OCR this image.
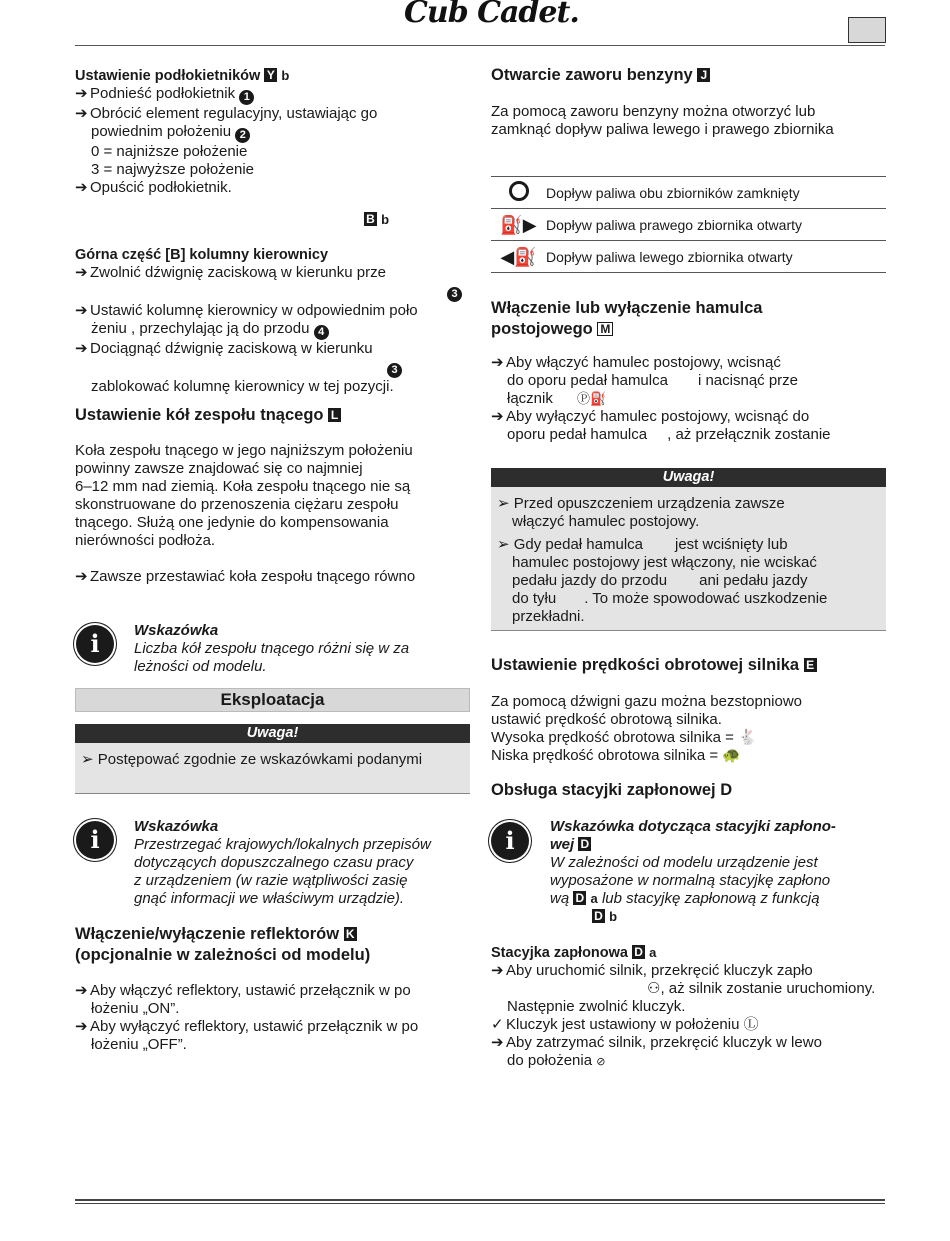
Cub Cadet.
Ustawienie podłokietników Y b
➔ Podnieść podłokietnik 1
➔ Obrócić element regulacyjny, ustawiając go
powiednim położeniu 2
0 = najniższe położenie
3 = najwyższe położenie
➔ Opuścić podłokietnik.
B b
Górna część [B] kolumny kierownicy
➔ Zwolnić dźwignię zaciskową w kierunku prze
3
➔ Ustawić kolumnę kierownicy w odpowiednim poło
żeniu , przechylając ją do przodu 4
➔ Dociągnąć dźwignię zaciskową w kierunku
3
zablokować kolumnę kierownicy w tej pozycji.
Ustawienie kół zespołu tnącego L
Koła zespołu tnącego w jego najniższym położeniu
powinny zawsze znajdować się co najmniej
6–12 mm nad ziemią. Koła zespołu tnącego nie są
skonstruowane do przenoszenia ciężaru zespołu
tnącego. Służą one jedynie do kompensowania
nierówności podłoża.
➔ Zawsze przestawiać koła zespołu tnącego równo
i	Wskazówka
Liczba kół zespołu tnącego różni się w za
leżności od modelu.
Eksploatacja
Uwaga!
➢ Postępować zgodnie ze wskazówkami podanymi
i	Wskazówka
Przestrzegać krajowych/lokalnych przepisów
dotyczących dopuszczalnego czasu pracy
z urządzeniem (w razie wątpliwości zasię
gnąć informacji we właściwym urządzie).
Włączenie/wyłączenie reflektorów K
(opcjonalnie w zależności od modelu)
➔ Aby włączyć reflektory, ustawić przełącznik w po
łożeniu „ON”.
➔ Aby wyłączyć reflektory, ustawić przełącznik w po
łożeniu „OFF”.
Otwarcie zaworu benzyny J
Za pomocą zaworu benzyny można otworzyć lub
zamknąć dopływ paliwa lewego i prawego zbiornika
	Dopływ paliwa obu zbiorników zamknięty
⛽▶	Dopływ paliwa prawego zbiornika otwarty
◀⛽	Dopływ paliwa lewego zbiornika otwarty
Włączenie lub wyłączenie hamulca
postojowego M
➔ Aby włączyć hamulec postojowy, wcisnąć
do oporu pedał hamulca i nacisnąć prze
łącznik Ⓟ⛽
➔ Aby wyłączyć hamulec postojowy, wcisnąć do
oporu pedał hamulca , aż przełącznik zostanie
Uwaga!
➢ Przed opuszczeniem urządzenia zawsze
włączyć hamulec postojowy.
➢ Gdy pedał hamulca jest wciśnięty lub
hamulec postojowy jest włączony, nie wciskać
pedału jazdy do przodu ani pedału jazdy
do tyłu . To może spowodować uszkodzenie
przekładni.
Ustawienie prędkości obrotowej silnika E
Za pomocą dźwigni gazu można bezstopniowo
ustawić prędkość obrotową silnika.
Wysoka prędkość obrotowa silnika = 🐇
Niska prędkość obrotowa silnika = 🐢
Obsługa stacyjki zapłonowej D
i	Wskazówka dotycząca stacyjki zapłono-
wej D
W zależności od modelu urządzenie jest
wyposażone w normalną stacyjkę zapłono
wą D a lub stacyjkę zapłonową z funkcją
D b
Stacyjka zapłonowa D a
➔ Aby uruchomić silnik, przekręcić kluczyk zapło
⚇, aż silnik zostanie uruchomiony.
Następnie zwolnić kluczyk.
✓ Kluczyk jest ustawiony w położeniu Ⓛ
➔ Aby zatrzymać silnik, przekręcić kluczyk w lewo
do położenia ⊘
